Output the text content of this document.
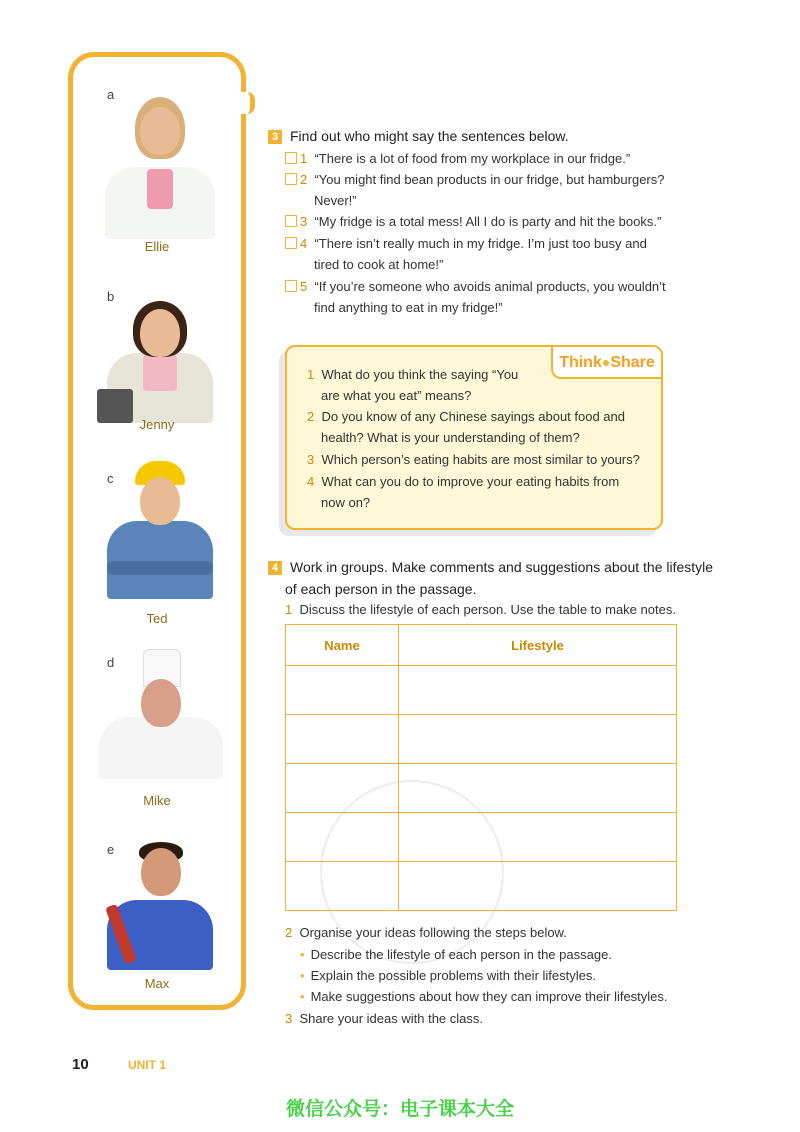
a
Ellie
b
Jenny
c
Ted
d
Mike
e
Max
3 Find out who might say the sentences below.
1 “There is a lot of food from my workplace in our fridge.”
2 “You might find bean products in our fridge, but hamburgers?
Never!”
3 “My fridge is a total mess! All I do is party and hit the books.”
4 “There isn’t really much in my fridge. I’m just too busy and
tired to cook at home!”
5 “If you’re someone who avoids animal products, you wouldn’t
find anything to eat in my fridge!”
Think●Share
1 What do you think the saying “You
are what you eat” means?
2 Do you know of any Chinese sayings about food and
health? What is your understanding of them?
3 Which person’s eating habits are most similar to yours?
4 What can you do to improve your eating habits from
now on?
4 Work in groups. Make comments and suggestions about the lifestyle
of each person in the passage.
1 Discuss the lifestyle of each person. Use the table to make notes.
Name	Lifestyle

2 Organise your ideas following the steps below.
• Describe the lifestyle of each person in the passage.
• Explain the possible problems with their lifestyles.
• Make suggestions about how they can improve their lifestyles.
3 Share your ideas with the class.
10	UNIT 1
微信公众号：电子课本大全
